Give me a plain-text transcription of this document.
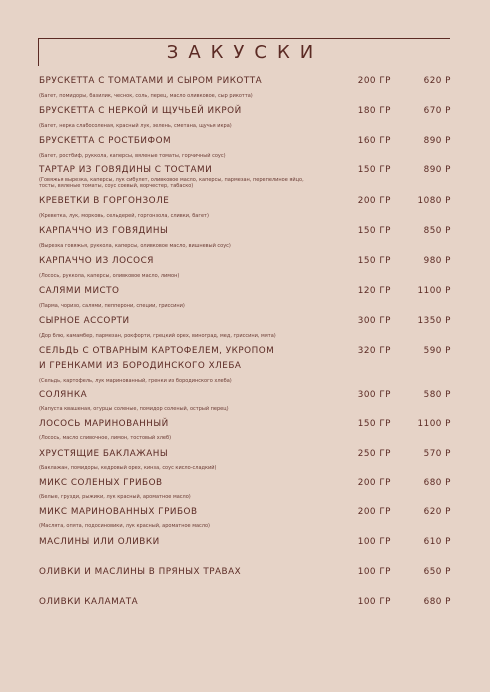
ЗАКУСКИ
БРУСКЕТТА С ТОМАТАМИ И СЫРОМ РИКОТТА	200 ГР	620 Р
(Багет, помидоры, базилик, чеснок, соль, перец, масло оливковое, сыр рикотта)
БРУСКЕТТА С НЕРКОЙ И ЩУЧЬЕЙ ИКРОЙ	180 ГР	670 Р
(Багет, нерка слабосоленая, красный лук, зелень, сметана, щучья икра)
БРУСКЕТТА С РОСТБИФОМ	160 ГР	890 Р
(Багет, ростбиф, руккола, каперсы, вяленые томаты, горчичный соус)
ТАРТАР ИЗ ГОВЯДИНЫ С ТОСТАМИ	150 ГР	890 Р
(Говяжья вырезка, каперсы, лук сибулет, оливковое масло, каперсы, пармезан, перепелиное яйцо, тосты, вяленые томаты, соус соевый, ворчестер, табаско)
КРЕВЕТКИ В ГОРГОНЗОЛЕ	200 ГР	1080 Р
(Креветка, лук, морковь, сельдерей, горгонзола, сливки, багет)
КАРПАЧЧО ИЗ ГОВЯДИНЫ	150 ГР	850 Р
(Вырезка говяжья, руккола, каперсы, оливковое масло, вишневый соус)
КАРПАЧЧО ИЗ ЛОСОСЯ	150 ГР	980 Р
(Лосось, руккола, каперсы, оливковое масло, лимон)
САЛЯМИ МИСТО	120 ГР	1100 Р
(Парма, чоризо, салями, пепперони, специи, гриссини)
СЫРНОЕ АССОРТИ	300 ГР	1350 Р
(Дор блю, камамбер, пармезан, рокфорти, грецкий орех, виноград, мед, гриссини, мята)
СЕЛЬДЬ С ОТВАРНЫМ КАРТОФЕЛЕМ, УКРОПОМ
И ГРЕНКАМИ ИЗ БОРОДИНСКОГО ХЛЕБА
320 ГР	590 Р
(Сельдь, картофель, лук маринованный, гренки из бородинского хлеба)
СОЛЯНКА	300 ГР	580 Р
(Капуста квашеная, огурцы соленые, помидор соленый, острый перец)
ЛОСОСЬ МАРИНОВАННЫЙ	150 ГР	1100 Р
(Лосось, масло сливочное, лимон, тостовый хлеб)
ХРУСТЯЩИЕ БАКЛАЖАНЫ	250 ГР	570 Р
(Баклажан, помидоры, кедровый орех, кинза, соус кисло-сладкий)
МИКС СОЛЕНЫХ ГРИБОВ	200 ГР	680 Р
(Белые, грузди, рыжики, лук красный, ароматное масло)
МИКС МАРИНОВАННЫХ ГРИБОВ	200 ГР	620 Р
(Маслята, опята, подосиновики, лук красный, ароматное масло)
МАСЛИНЫ ИЛИ ОЛИВКИ	100 ГР	610 Р
ОЛИВКИ И МАСЛИНЫ В ПРЯНЫХ ТРАВАХ	100 ГР	650 Р
ОЛИВКИ КАЛАМАТА	100 ГР	680 Р
